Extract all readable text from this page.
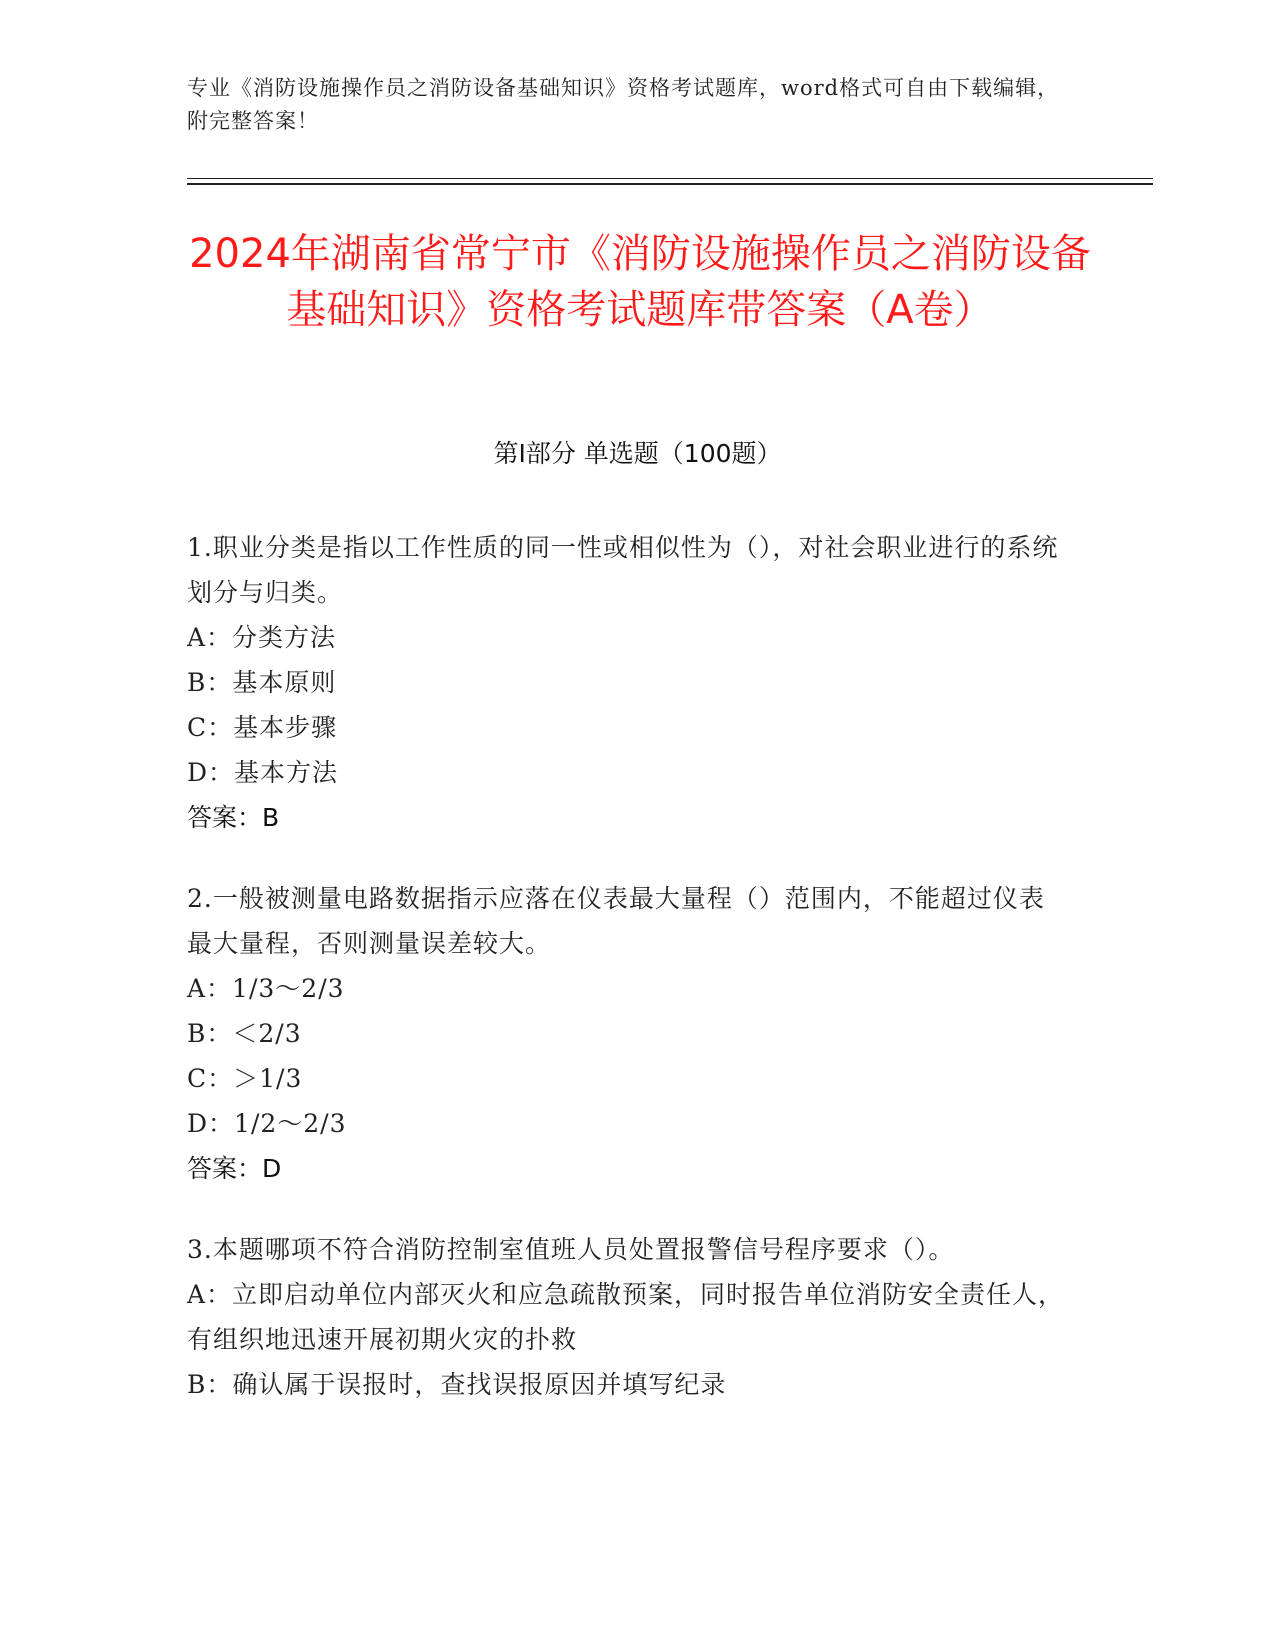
专业《消防设施操作员之消防设备基础知识》资格考试题库，word格式可自由下载编辑，附完整答案！
2024年湖南省常宁市《消防设施操作员之消防设备基础知识》资格考试题库带答案（A卷）
第I部分 单选题（100题）

1.职业分类是指以工作性质的同一性或相似性为（），对社会职业进行的系统划分与归类。

A：分类方法

B：基本原则

C：基本步骤

D：基本方法

答案：B

2.一般被测量电路数据指示应落在仪表最大量程（）范围内，不能超过仪表最大量程，否则测量误差较大。

A：1/3～2/3

B：＜2/3

C：＞1/3

D：1/2～2/3

答案：D

3.本题哪项不符合消防控制室值班人员处置报警信号程序要求（）。

A：立即启动单位内部灭火和应急疏散预案，同时报告单位消防安全责任人，有组织地迅速开展初期火灾的扑救

B：确认属于误报时，查找误报原因并填写纪录
